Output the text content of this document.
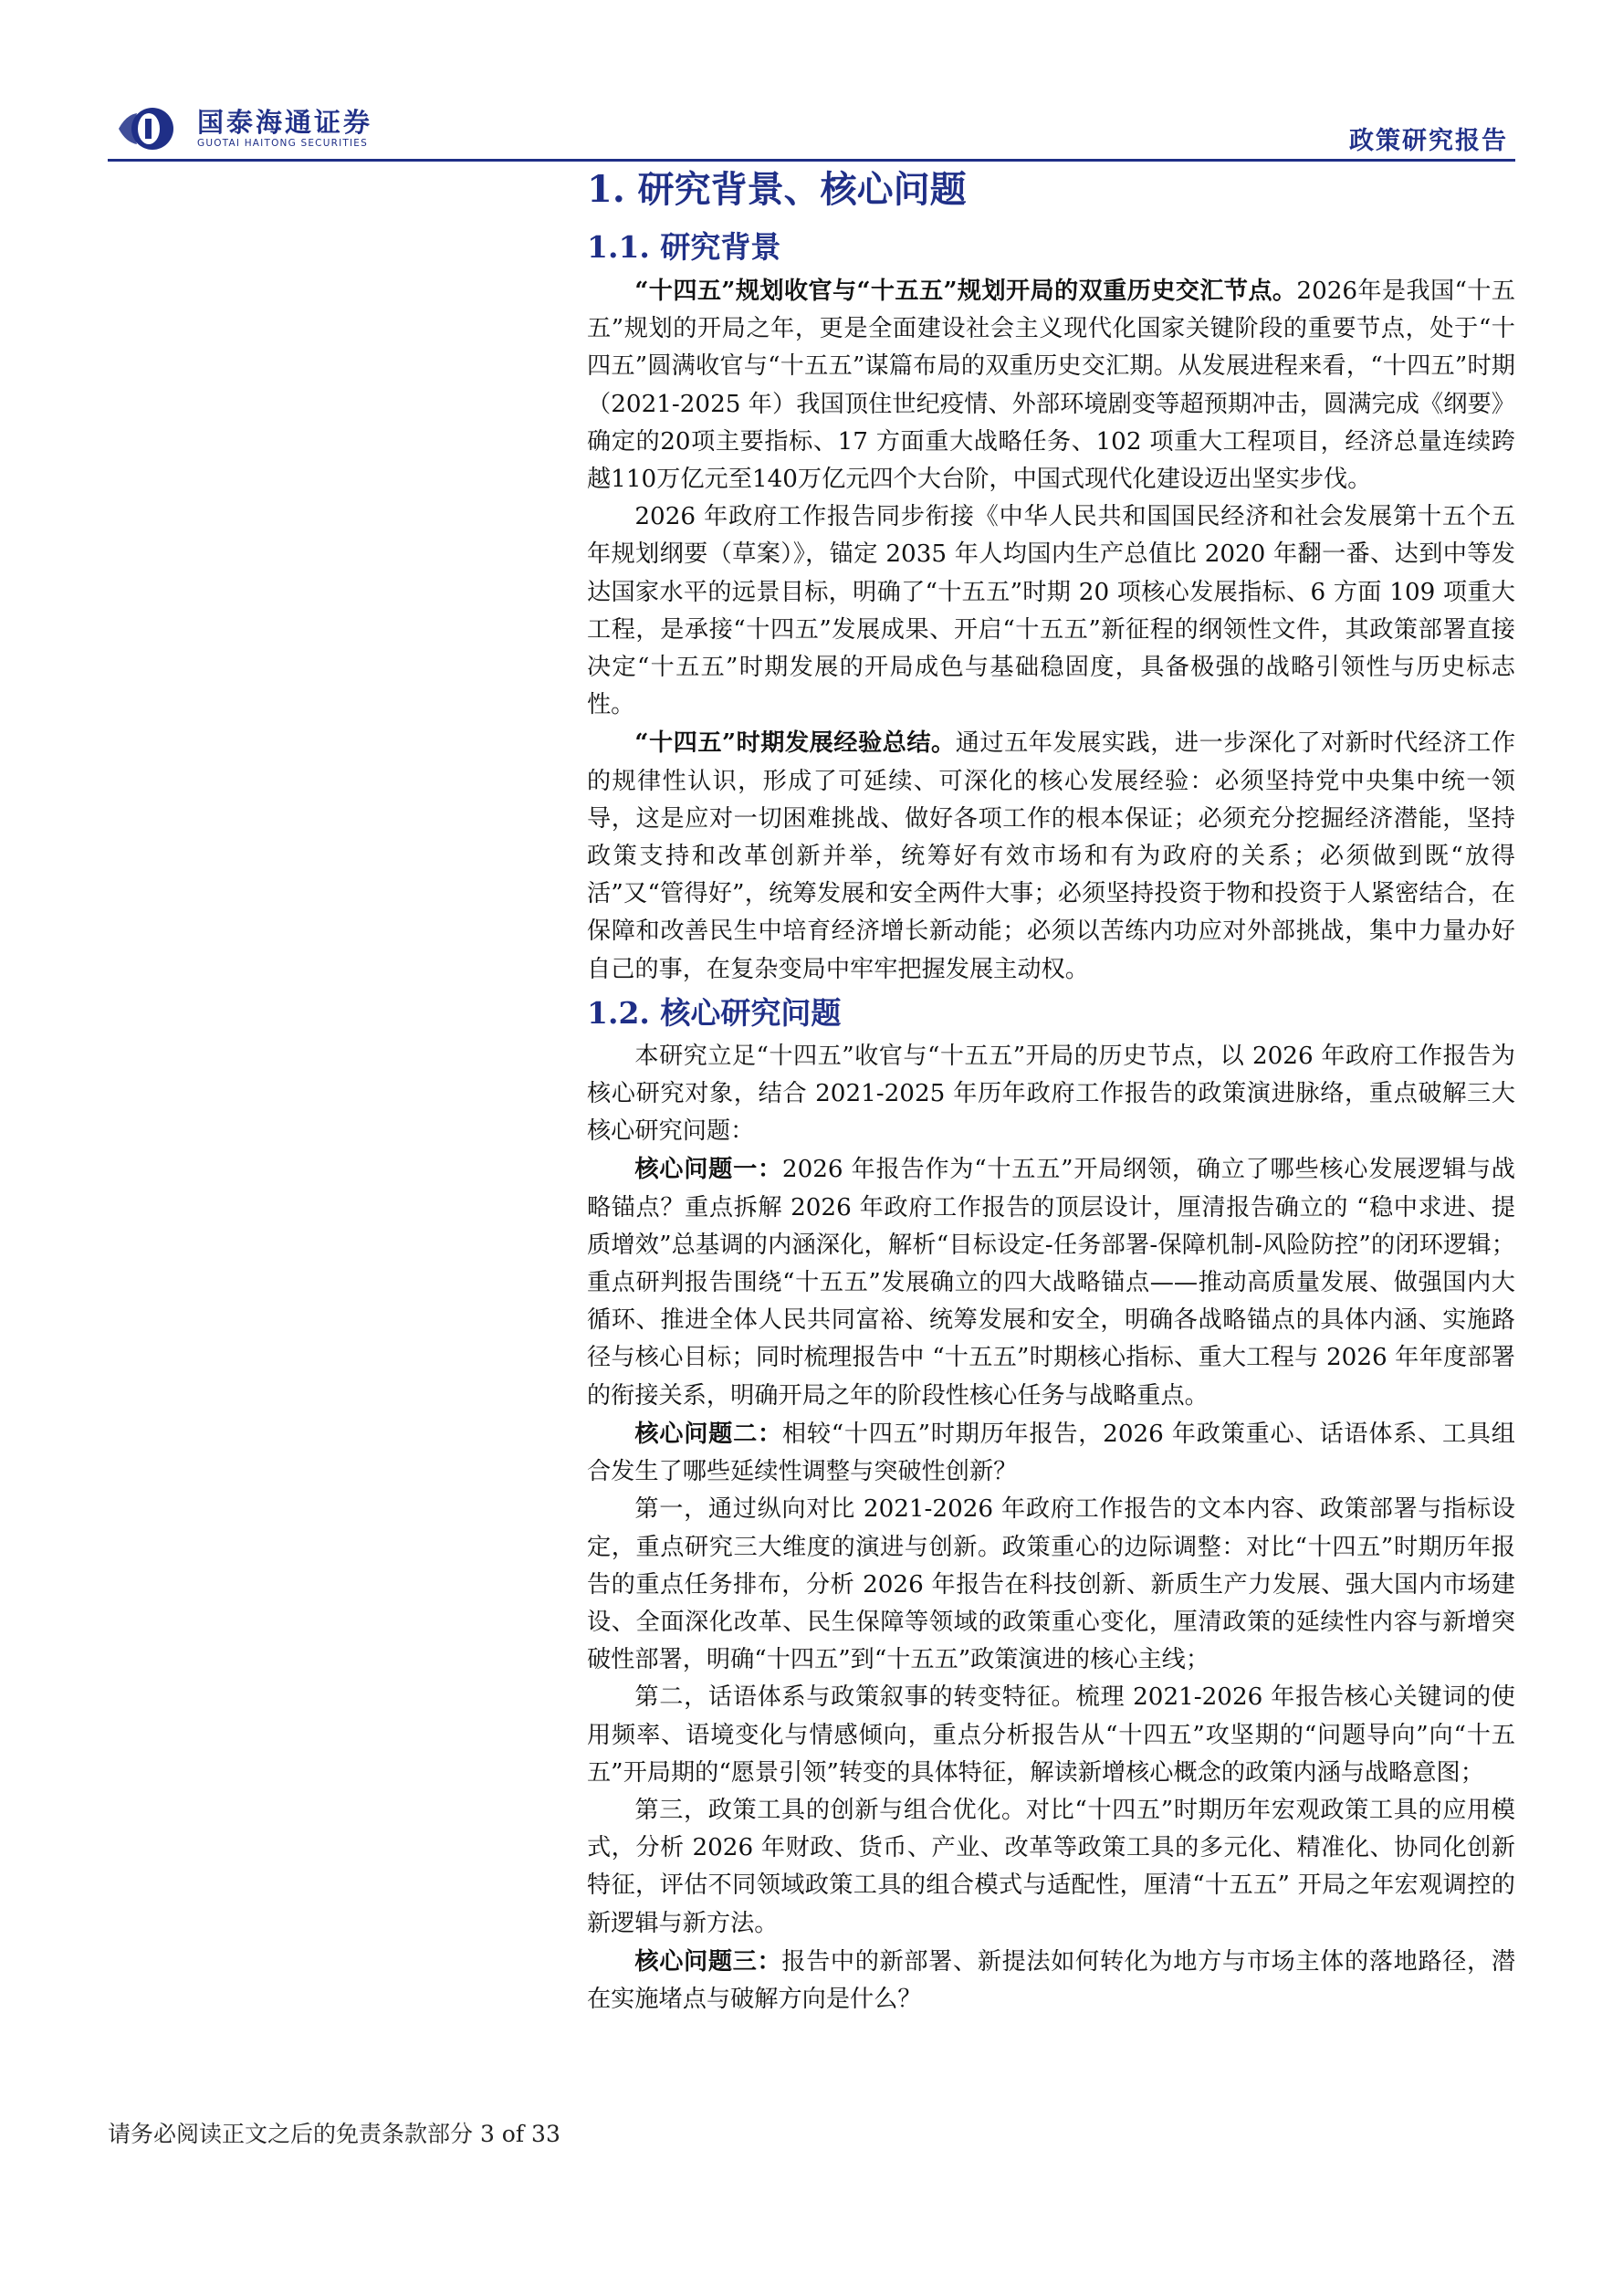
国泰海通证券
GUOTAI HAITONG SECURITIES	政策研究报告
1. 研究背景、核心问题
1.1. 研究背景

“十四五”规划收官与“十五五”规划开局的双重历史交汇节点。2026年是我国“十五五”规划的开局之年，更是全面建设社会主义现代化国家关键阶段的重要节点，处于“十四五”圆满收官与“十五五”谋篇布局的双重历史交汇期。从发展进程来看，“十四五”时期（2021-2025 年）我国顶住世纪疫情、外部环境剧变等超预期冲击，圆满完成《纲要》确定的20项主要指标、17 方面重大战略任务、102 项重大工程项目，经济总量连续跨越110万亿元至140万亿元四个大台阶，中国式现代化建设迈出坚实步伐。

2026 年政府工作报告同步衔接《中华人民共和国国民经济和社会发展第十五个五年规划纲要（草案）》，锚定 2035 年人均国内生产总值比 2020 年翻一番、达到中等发达国家水平的远景目标，明确了“十五五”时期 20 项核心发展指标、6 方面 109 项重大工程，是承接“十四五”发展成果、开启“十五五”新征程的纲领性文件，其政策部署直接决定“十五五”时期发展的开局成色与基础稳固度，具备极强的战略引领性与历史标志性。

“十四五”时期发展经验总结。通过五年发展实践，进一步深化了对新时代经济工作的规律性认识，形成了可延续、可深化的核心发展经验：必须坚持党中央集中统一领导，这是应对一切困难挑战、做好各项工作的根本保证；必须充分挖掘经济潜能，坚持政策支持和改革创新并举，统筹好有效市场和有为政府的关系；必须做到既“放得活”又“管得好”，统筹发展和安全两件大事；必须坚持投资于物和投资于人紧密结合，在保障和改善民生中培育经济增长新动能；必须以苦练内功应对外部挑战，集中力量办好自己的事，在复杂变局中牢牢把握发展主动权。

1.2. 核心研究问题

本研究立足“十四五”收官与“十五五”开局的历史节点，以 2026 年政府工作报告为核心研究对象，结合 2021-2025 年历年政府工作报告的政策演进脉络，重点破解三大核心研究问题：

核心问题一：2026 年报告作为“十五五”开局纲领，确立了哪些核心发展逻辑与战略锚点？重点拆解 2026 年政府工作报告的顶层设计，厘清报告确立的 “稳中求进、提质增效”总基调的内涵深化，解析“目标设定-任务部署-保障机制-风险防控”的闭环逻辑；重点研判报告围绕“十五五”发展确立的四大战略锚点——推动高质量发展、做强国内大循环、推进全体人民共同富裕、统筹发展和安全，明确各战略锚点的具体内涵、实施路径与核心目标；同时梳理报告中 “十五五”时期核心指标、重大工程与 2026 年年度部署的衔接关系，明确开局之年的阶段性核心任务与战略重点。

核心问题二：相较“十四五”时期历年报告，2026 年政策重心、话语体系、工具组合发生了哪些延续性调整与突破性创新？

第一，通过纵向对比 2021-2026 年政府工作报告的文本内容、政策部署与指标设定，重点研究三大维度的演进与创新。政策重心的边际调整：对比“十四五”时期历年报告的重点任务排布，分析 2026 年报告在科技创新、新质生产力发展、强大国内市场建设、全面深化改革、民生保障等领域的政策重心变化，厘清政策的延续性内容与新增突破性部署，明确“十四五”到“十五五”政策演进的核心主线；

第二，话语体系与政策叙事的转变特征。梳理 2021-2026 年报告核心关键词的使用频率、语境变化与情感倾向，重点分析报告从“十四五”攻坚期的“问题导向”向“十五五”开局期的“愿景引领”转变的具体特征，解读新增核心概念的政策内涵与战略意图；

第三，政策工具的创新与组合优化。对比“十四五”时期历年宏观政策工具的应用模式，分析 2026 年财政、货币、产业、改革等政策工具的多元化、精准化、协同化创新特征，评估不同领域政策工具的组合模式与适配性，厘清“十五五” 开局之年宏观调控的新逻辑与新方法。

核心问题三：报告中的新部署、新提法如何转化为地方与市场主体的落地路径，潜在实施堵点与破解方向是什么？

请务必阅读正文之后的免责条款部分 3 of 33
